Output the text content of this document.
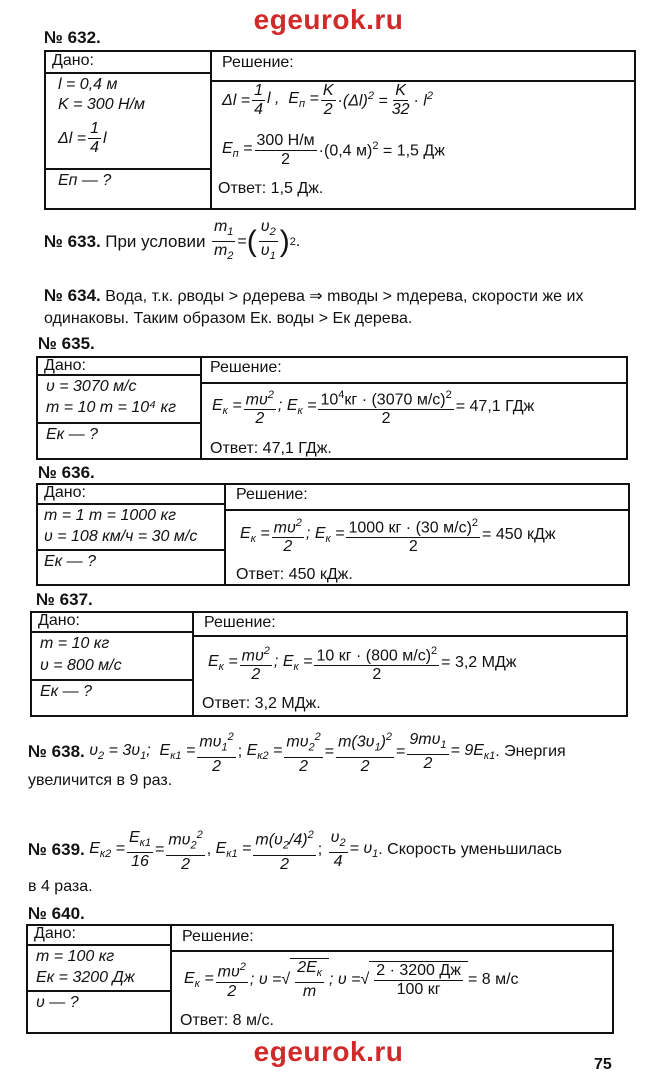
egeurok.ru
egeurok.ru	75
№ 632.
Дано:
l = 0,4 м
K = 300 Н/м
$\Delta l = \frac{1}{4}$ l
Eп — ?
Решение:
$\Delta l = \frac{1}{4}$ l ,  $E_п = \frac{K}{2} \cdot(\Delta l)^2 = \frac{K}{32} \cdot l^2$
$E_п = \frac{300 Н/м}{2} \cdot(0,4$ м)$^2$ = 1,5 Дж
Ответ: 1,5 Дж.
№ 633.
При условии
$\frac{m_1}{m_2}$ = ( $\frac{\upsilon_2}{\upsilon_1}$ ) 2 .
№ 634. Вода, т.к. ρводы > ρдерева ⇒ mводы > mдерева, скорости же их
одинаковы. Таким образом Eк. воды > Eк дерева.
№ 635.
Дано:
υ = 3070 м/с
m = 10 т = 10⁴ кг
Eк — ?
Решение:
$E_к = \frac{m\upsilon^2}{2}$ ; $E_к = \frac{10^4кг \cdot (3070 м/с)^2}{2} = 47,1$ ГДж
Ответ: 47,1 ГДж.
№ 636.
Дано:
m = 1 т = 1000 кг
υ = 108 км/ч = 30 м/с
Eк — ?
Решение:
$E_к = \frac{m\upsilon^2}{2}$ ; $E_к = \frac{1000 кг \cdot (30 м/с)^2}{2} = 450$ кДж
Ответ: 450 кДж.
№ 637.
Дано:
m = 10 кг
υ = 800 м/с
Eк — ?
Решение:
$E_к = \frac{m\upsilon^2}{2}$ ; $E_к = \frac{10 кг \cdot (800 м/с)^2}{2} = 3,2$ МДж
Ответ: 3,2 МДж.
№ 638.
$\upsilon_2 = 3\upsilon_1$;  $E_{к1} = \frac{m\upsilon_1^2}{2}$ ; $E_{к2} = \frac{m\upsilon_2^2}{2} = \frac{m(3\upsilon_1)^2}{2} = \frac{9m\upsilon_1}{2} = 9E_{к1}$ . Энергия
увеличится в 9 раз.
№ 639.
$E_{к2} = \frac{E_{к1}}{16} = \frac{m\upsilon_2^2}{2}$ , $E_{к1} = \frac{m(\upsilon_2/4)^2}{2}$ ; $\frac{\upsilon_2}{4} = \upsilon_1$ . Скорость уменьшилась
в 4 раза.
№ 640.
Дано:
m = 100 кг
Eк = 3200 Дж
υ — ?
Решение:
$E_к = \frac{m\upsilon^2}{2}$ ; υ = √ $\frac{2E_к}{m}$ ; υ = √ $\frac{2 \cdot 3200 Дж}{100 кг} = 8$ м/с
Ответ: 8 м/с.
